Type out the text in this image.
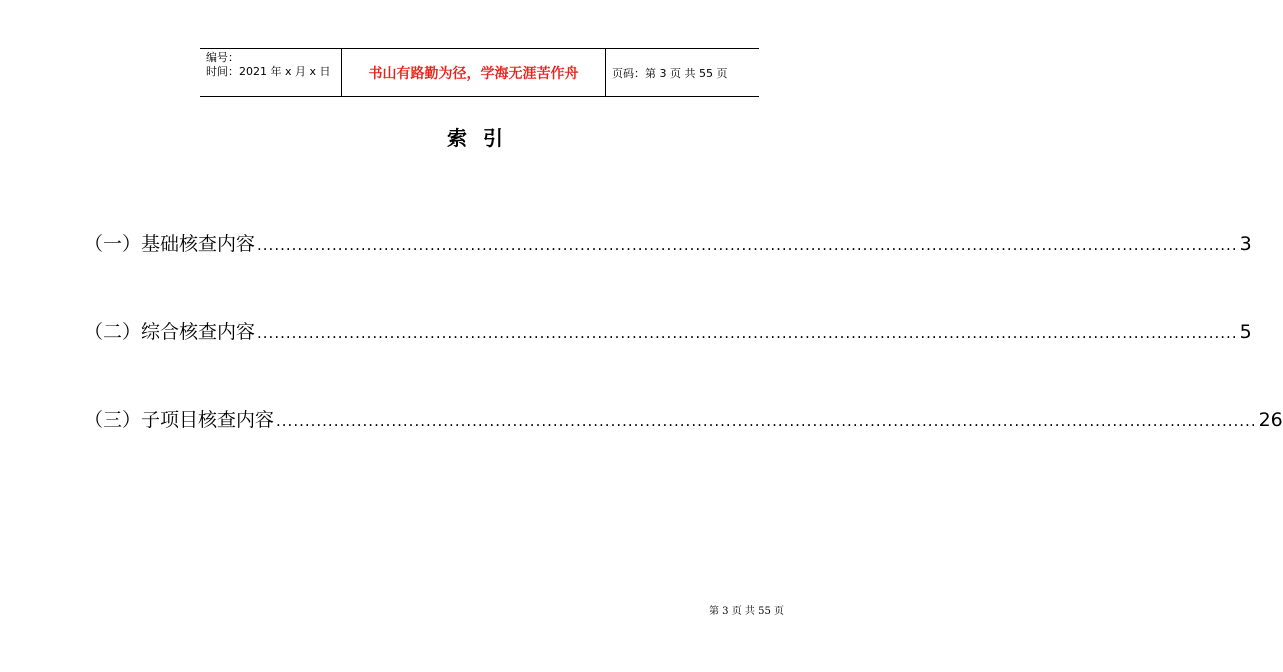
编号：
时间：2021 年 x 月 x 日	书山有路勤为径，学海无涯苦作舟	页码：第 3 页 共 55 页
索引
（一）基础核查内容 .......................................................................................................................................................................... 3
（二）综合核查内容 .......................................................................................................................................................................... 5
（三）子项目核查内容 .......................................................................................................................................................................... 26
第 3 页 共 55 页
